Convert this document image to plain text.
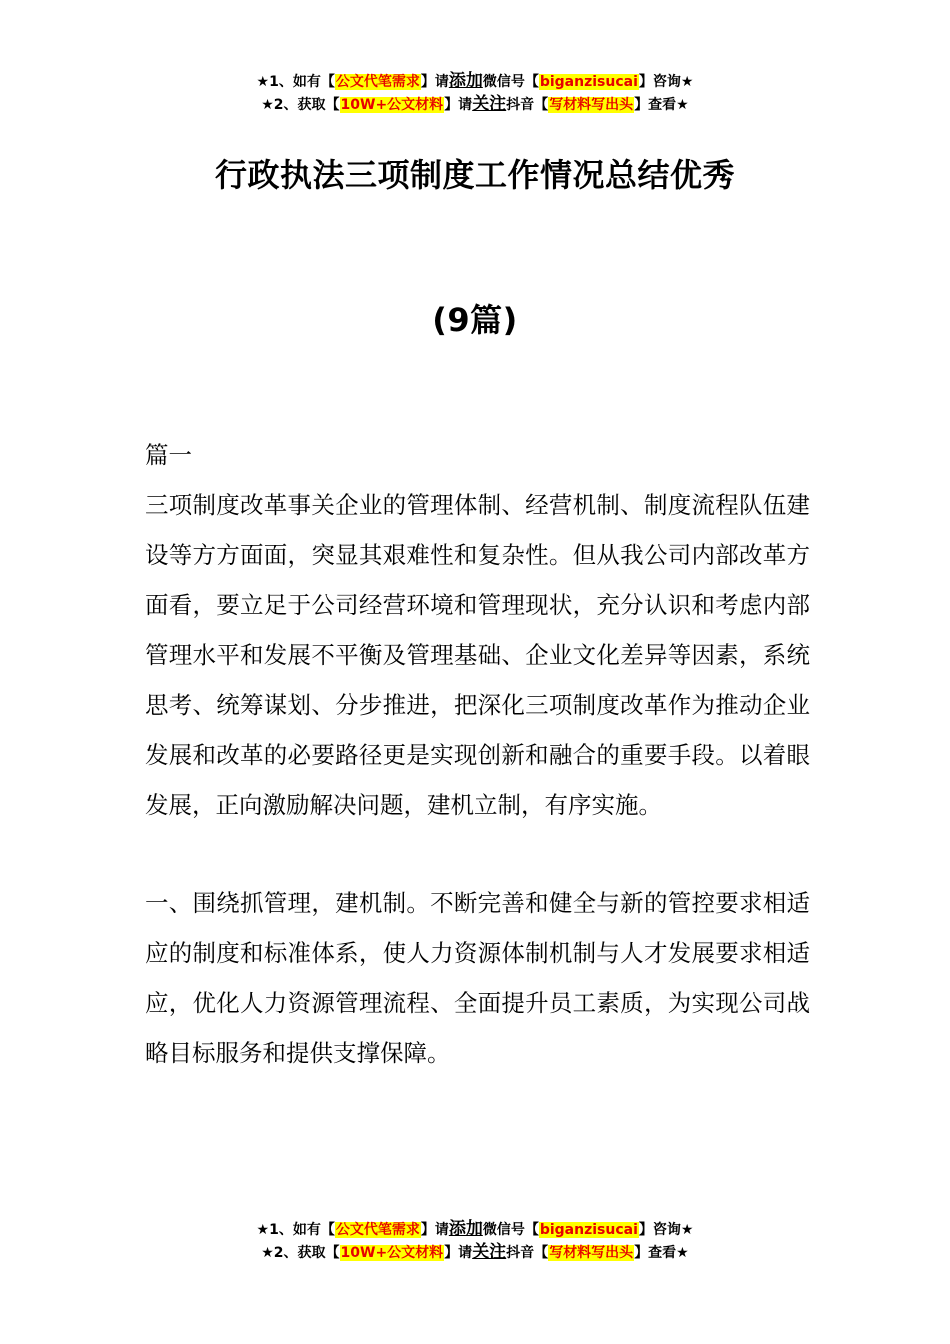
★1、如有【公文代笔需求】请添加微信号【biganzisucai】咨询★
★2、获取【10W+公文材料】请关注抖音【写材料写出头】查看★
行政执法三项制度工作情况总结优秀
(9篇)

篇一

三项制度改革事关企业的管理体制、经营机制、制度流程队伍建设等方方面面，突显其艰难性和复杂性。但从我公司内部改革方面看，要立足于公司经营环境和管理现状，充分认识和考虑内部管理水平和发展不平衡及管理基础、企业文化差异等因素，系统思考、统筹谋划、分步推进，把深化三项制度改革作为推动企业发展和改革的必要路径更是实现创新和融合的重要手段。以着眼发展，正向激励解决问题，建机立制，有序实施。

一、围绕抓管理，建机制。不断完善和健全与新的管控要求相适应的制度和标准体系，使人力资源体制机制与人才发展要求相适应，优化人力资源管理流程、全面提升员工素质，为实现公司战略目标服务和提供支撑保障。

★1、如有【公文代笔需求】请添加微信号【biganzisucai】咨询★
★2、获取【10W+公文材料】请关注抖音【写材料写出头】查看★
